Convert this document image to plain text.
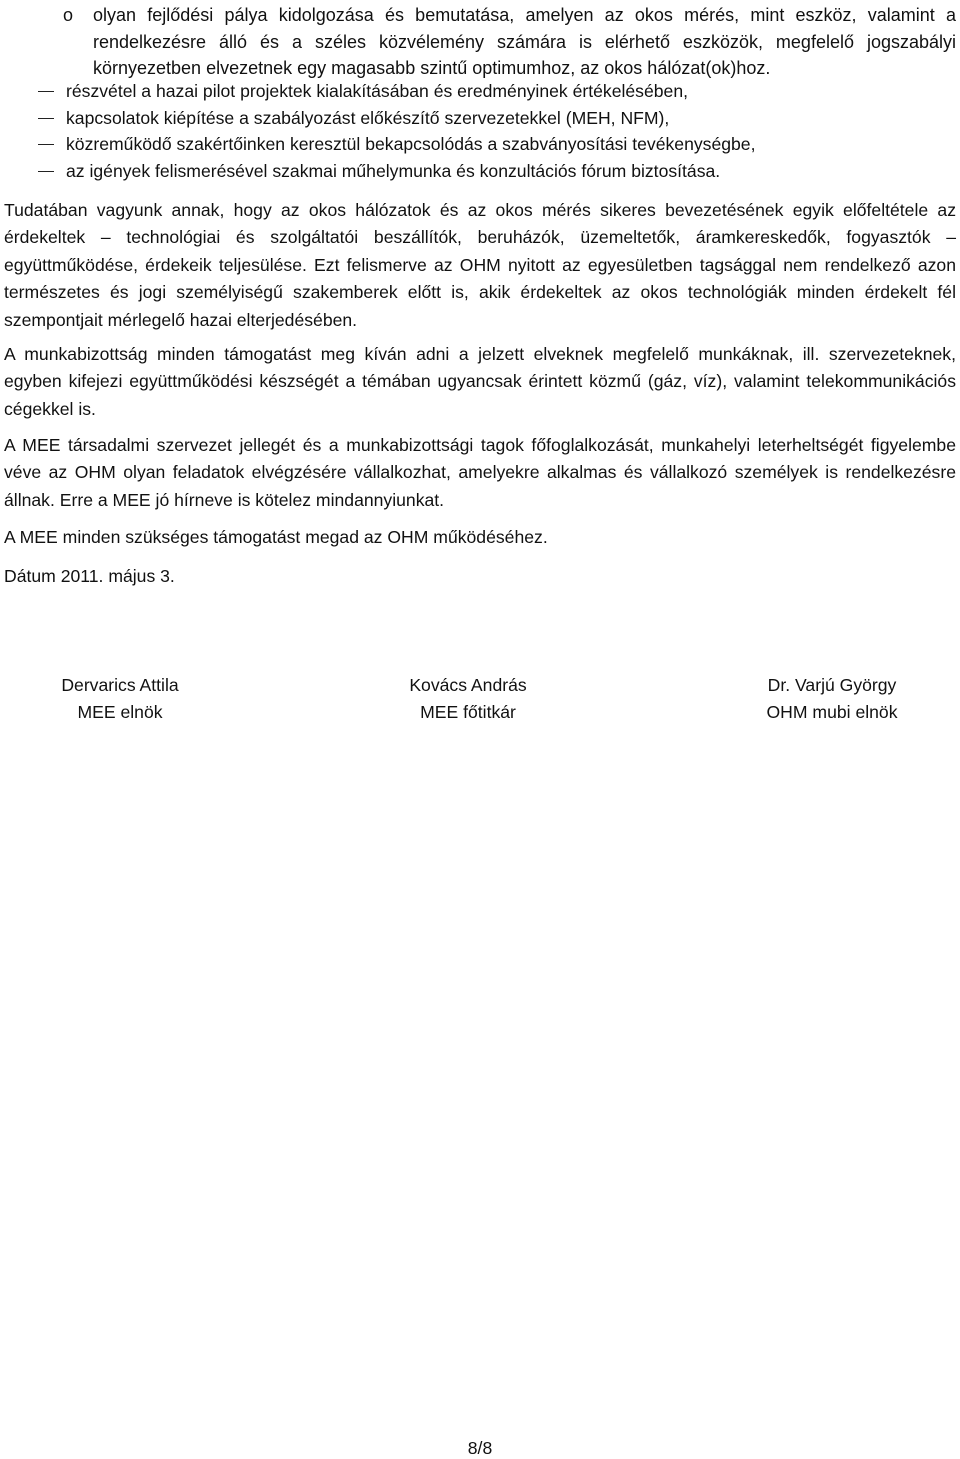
o olyan fejlődési pálya kidolgozása és bemutatása, amelyen az okos mérés, mint eszköz, valamint a rendelkezésre álló és a széles közvélemény számára is elérhető eszközök, megfelelő jogszabályi környezetben elvezetnek egy magasabb szintű optimumhoz, az okos hálózat(ok)hoz.
részvétel a hazai pilot projektek kialakításában és eredményinek értékelésében,
kapcsolatok kiépítése a szabályozást előkészítő szervezetekkel (MEH, NFM),
közreműködő szakértőinken keresztül bekapcsolódás a szabványosítási tevékenységbe,
az igények felismerésével szakmai műhelymunka és konzultációs fórum biztosítása.

Tudatában vagyunk annak, hogy az okos hálózatok és az okos mérés sikeres bevezetésének egyik előfeltétele az érdekeltek – technológiai és szolgáltatói beszállítók, beruházók, üzemeltetők, áramkereskedők, fogyasztók – együttműködése, érdekeik teljesülése. Ezt felismerve az OHM nyitott az egyesületben tagsággal nem rendelkező azon természetes és jogi személyiségű szakemberek előtt is, akik érdekeltek az okos technológiák minden érdekelt fél szempontjait mérlegelő hazai elterjedésében.

A munkabizottság minden támogatást meg kíván adni a jelzett elveknek megfelelő munkáknak, ill. szervezeteknek, egyben kifejezi együttműködési készségét a témában ugyancsak érintett közmű (gáz, víz), valamint telekommunikációs cégekkel is.

A MEE társadalmi szervezet jellegét és a munkabizottsági tagok főfoglalkozását, munkahelyi leterheltségét figyelembe véve az OHM olyan feladatok elvégzésére vállalkozhat, amelyekre alkalmas és vállalkozó személyek is rendelkezésre állnak. Erre a MEE jó hírneve is kötelez mindannyiunkat.

A MEE minden szükséges támogatást megad az OHM működéséhez.

Dátum 2011. május 3.

Dervarics Attila
MEE elnök
Kovács András
MEE főtitkár
Dr. Varjú György
OHM mubi elnök
8/8
